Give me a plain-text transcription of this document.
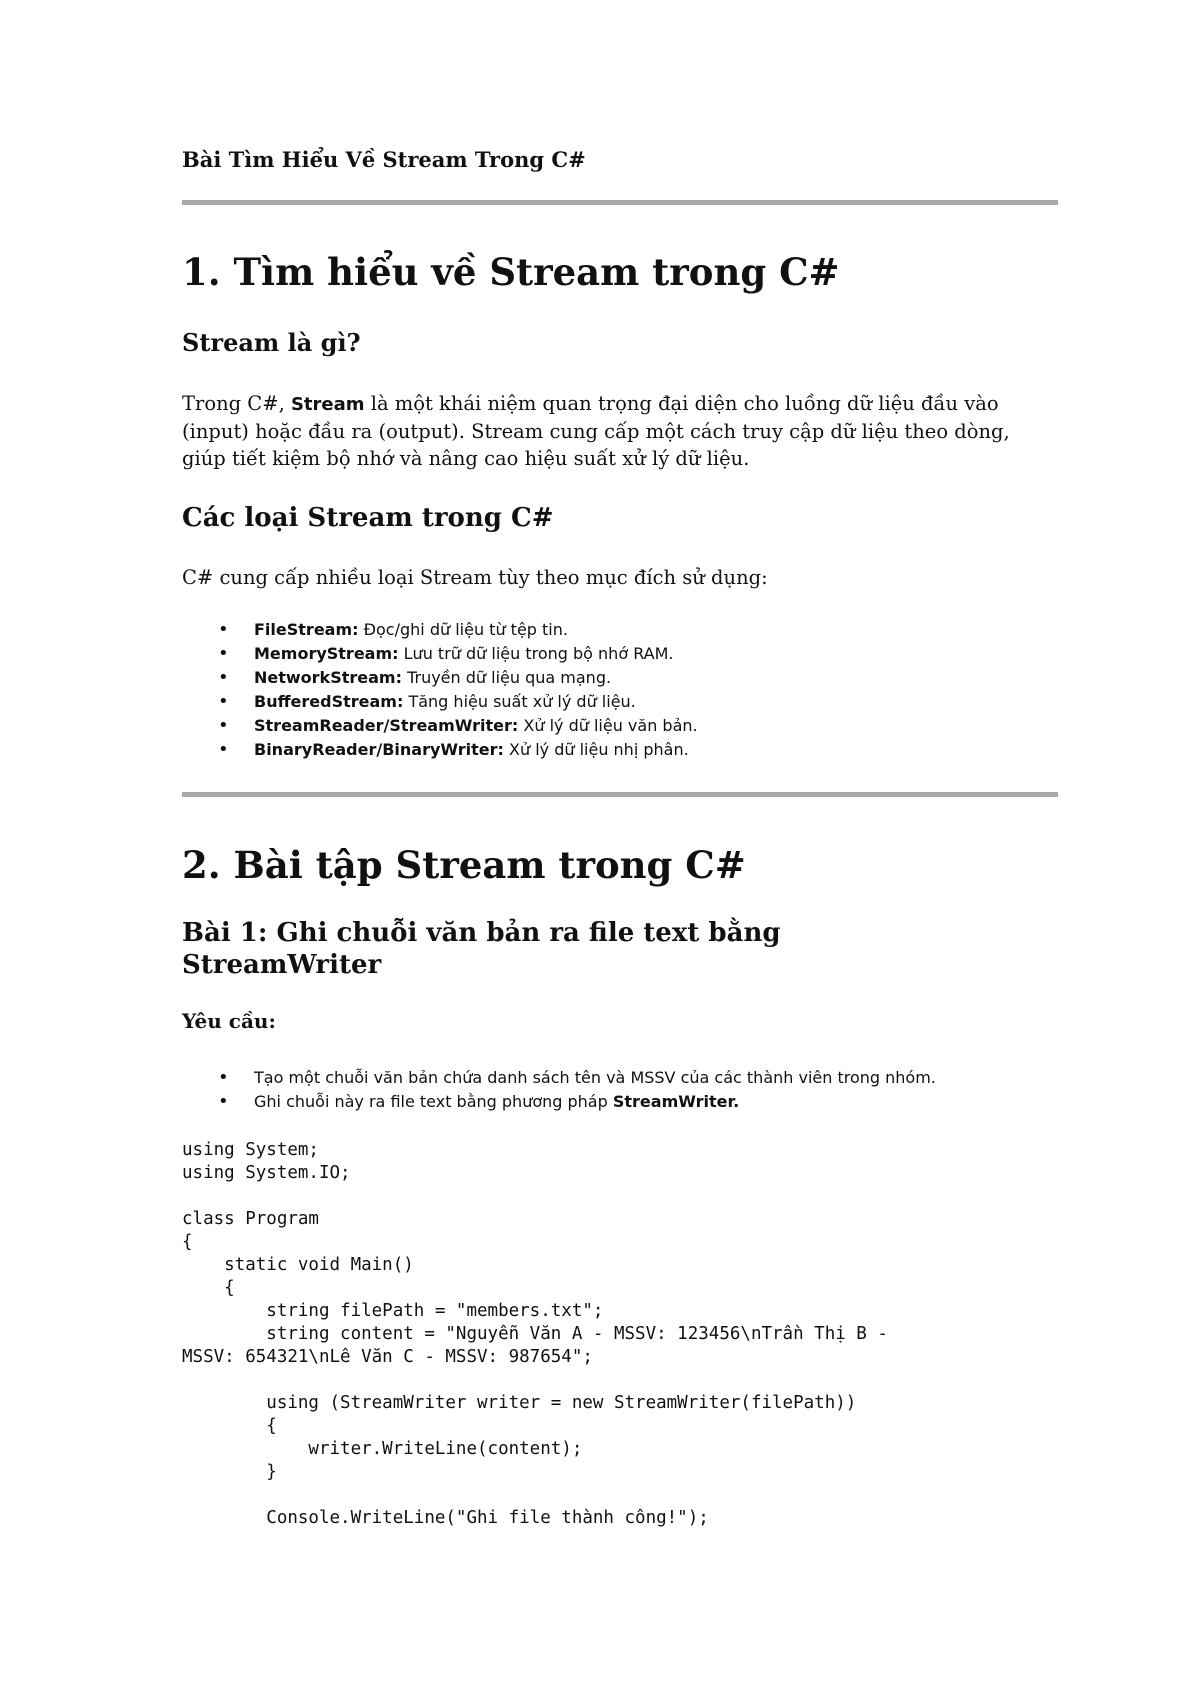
Bài Tìm Hiểu Về Stream Trong C#
1. Tìm hiểu về Stream trong C#
Stream là gì?
Trong C#, Stream là một khái niệm quan trọng đại diện cho luồng dữ liệu đầu vào (input) hoặc đầu ra (output). Stream cung cấp một cách truy cập dữ liệu theo dòng, giúp tiết kiệm bộ nhớ và nâng cao hiệu suất xử lý dữ liệu.
Các loại Stream trong C#
C# cung cấp nhiều loại Stream tùy theo mục đích sử dụng:
• FileStream: Đọc/ghi dữ liệu từ tệp tin.
• MemoryStream: Lưu trữ dữ liệu trong bộ nhớ RAM.
• NetworkStream: Truyền dữ liệu qua mạng.
• BufferedStream: Tăng hiệu suất xử lý dữ liệu.
• StreamReader/StreamWriter: Xử lý dữ liệu văn bản.
• BinaryReader/BinaryWriter: Xử lý dữ liệu nhị phân.
2. Bài tập Stream trong C#
Bài 1: Ghi chuỗi văn bản ra file text bằng
StreamWriter
Yêu cầu:
• Tạo một chuỗi văn bản chứa danh sách tên và MSSV của các thành viên trong nhóm.
• Ghi chuỗi này ra file text bằng phương pháp StreamWriter.
using System;
using System.IO;

class Program
{
static void Main()
{
string filePath = "members.txt";
string content = "Nguyễn Văn A - MSSV: 123456\nTrần Thị B -
MSSV: 654321\nLê Văn C - MSSV: 987654";

using (StreamWriter writer = new StreamWriter(filePath))
{
writer.WriteLine(content);
}

Console.WriteLine("Ghi file thành công!");
